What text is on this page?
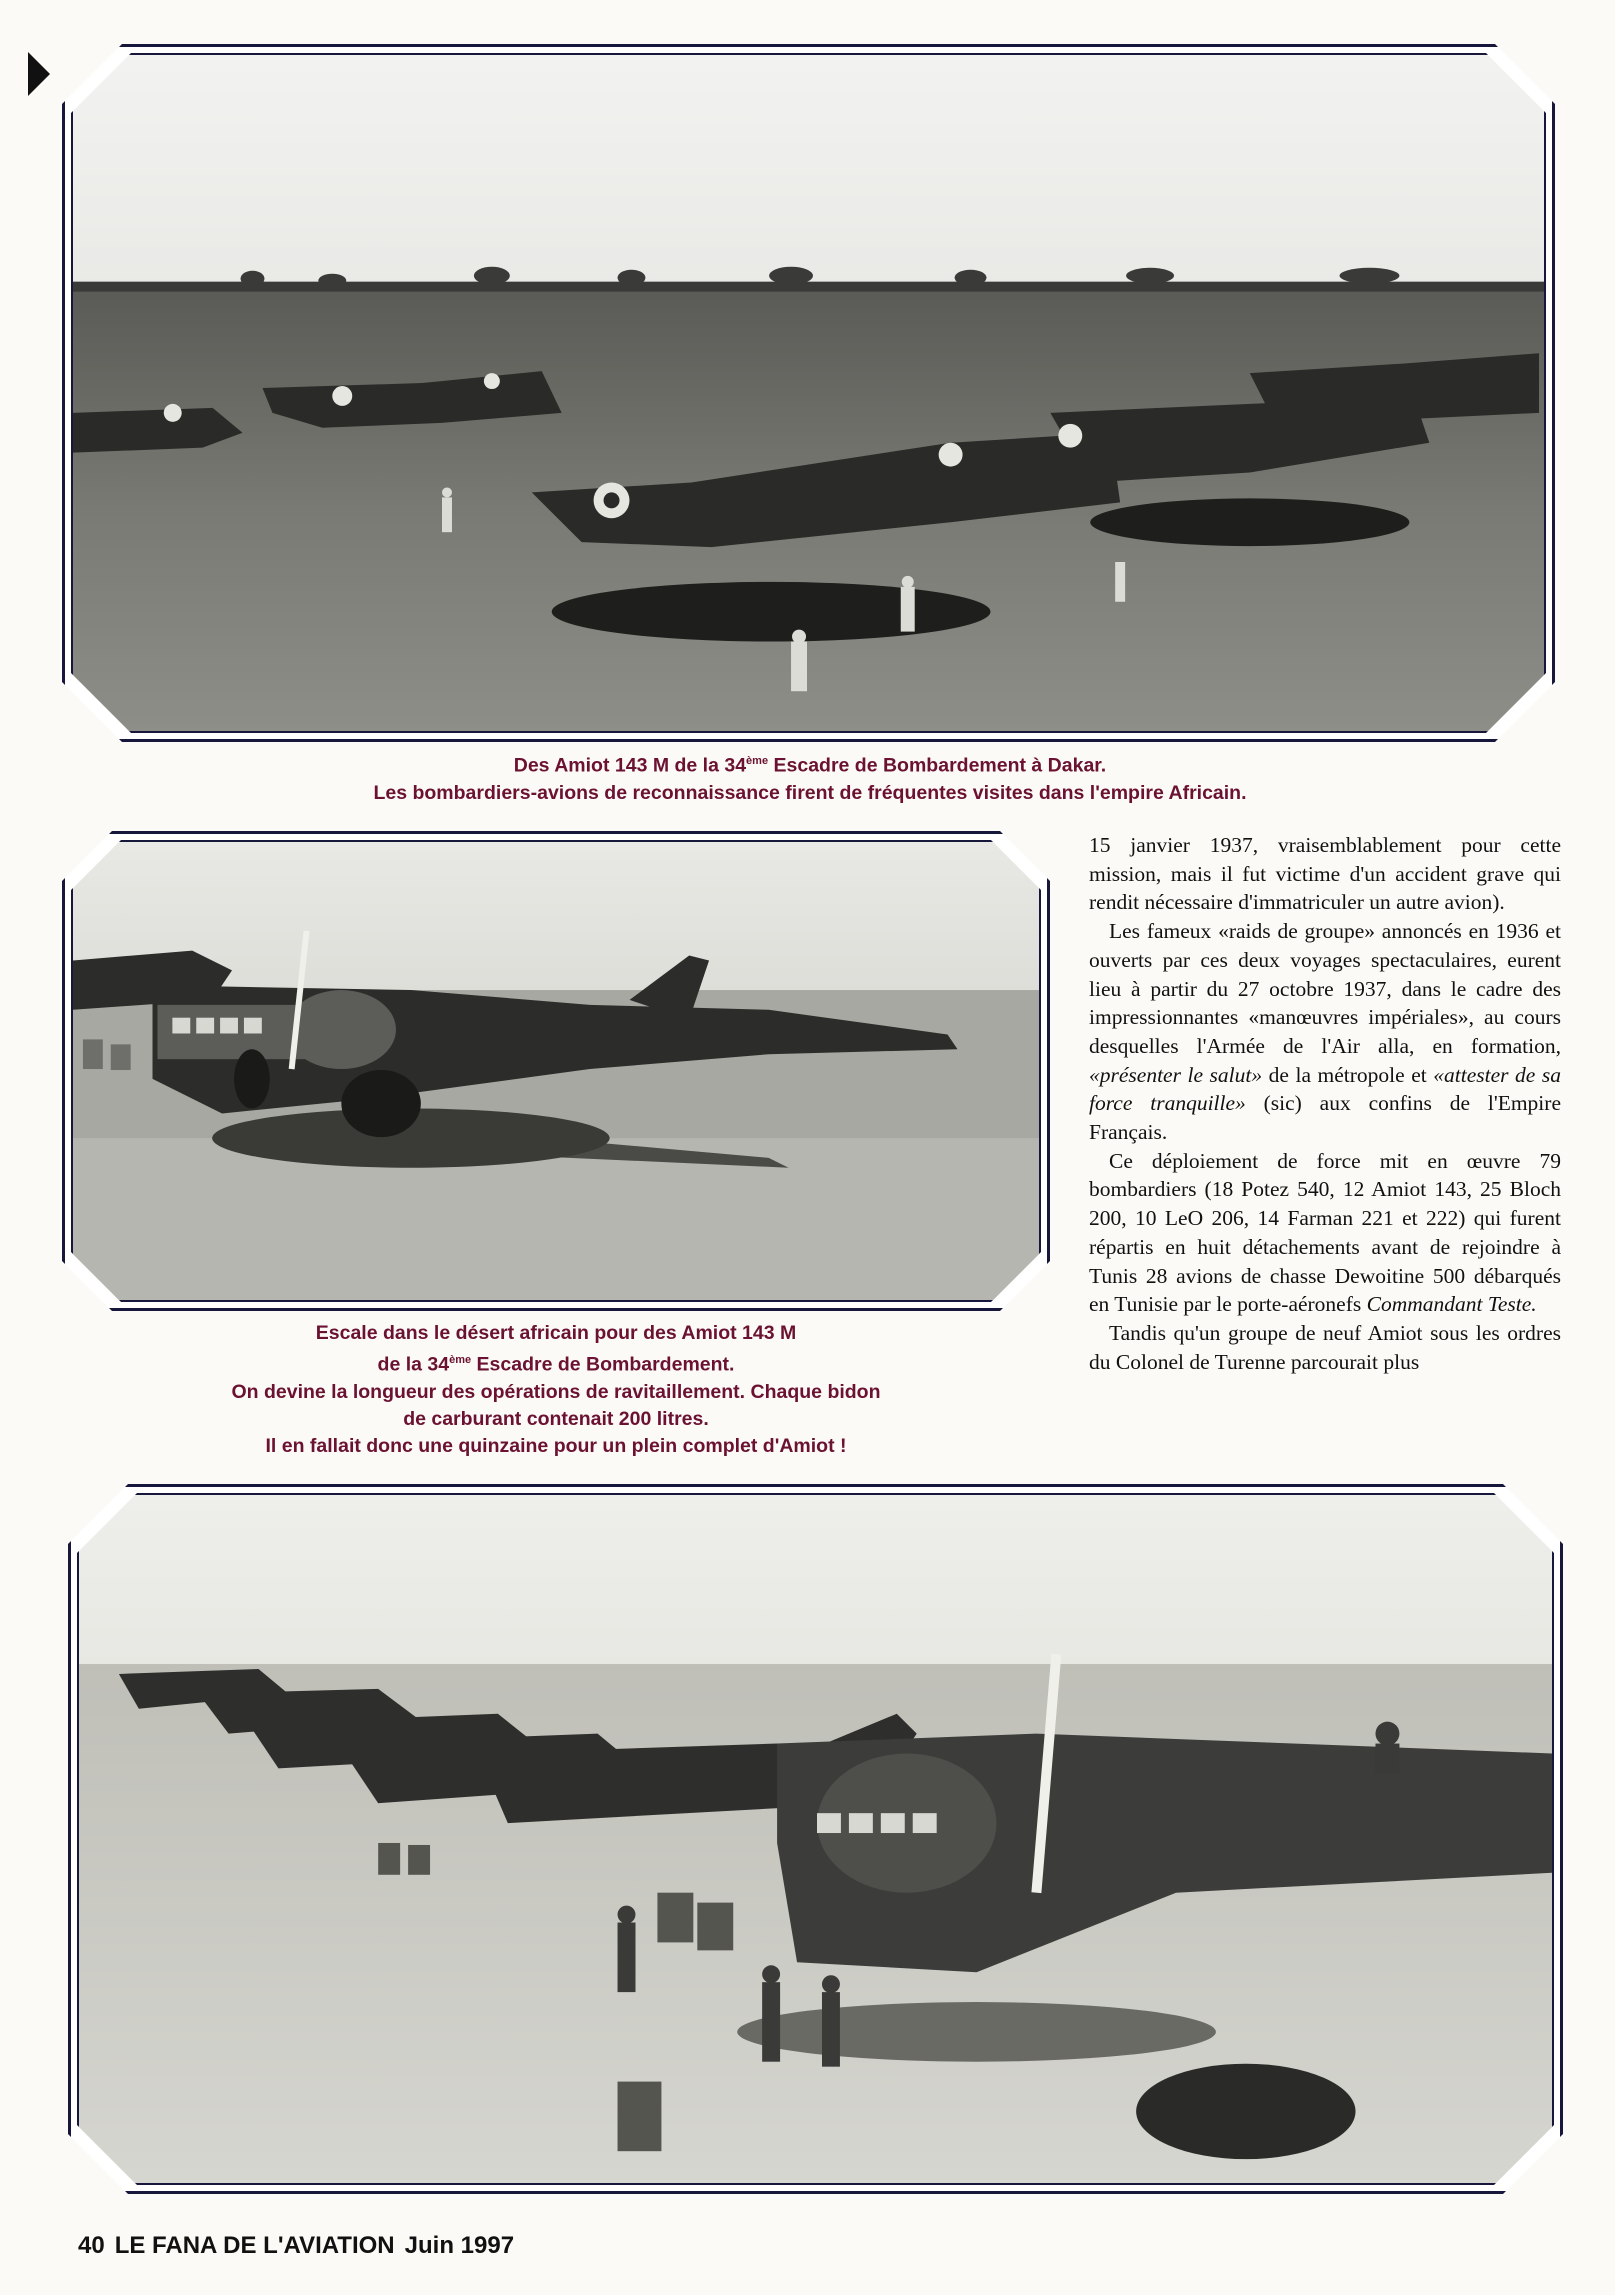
Des Amiot 143 M de la 34ème Escadre de Bombardement à Dakar.
Les bombardiers-avions de reconnaissance firent de fréquentes visites dans l'empire Africain.
Escale dans le désert africain pour des Amiot 143 M
de la 34ème Escadre de Bombardement.
On devine la longueur des opérations de ravitaillement. Chaque bidon
de carburant contenait 200 litres.
Il en fallait donc une quinzaine pour un plein complet d'Amiot !

15 janvier 1937, vraisemblablement pour cette mission, mais il fut victime d'un accident grave qui rendit nécessaire d'immatriculer un autre avion).

Les fameux «raids de groupe» annoncés en 1936 et ouverts par ces deux voyages spectaculaires, eurent lieu à partir du 27 octobre 1937, dans le cadre des impressionnantes «manœuvres impériales», au cours desquelles l'Armée de l'Air alla, en formation, «présenter le salut» de la métropole et «attester de sa force tranquille» (sic) aux confins de l'Empire Français.

Ce déploiement de force mit en œuvre 79 bombardiers (18 Potez 540, 12 Amiot 143, 25 Bloch 200, 10 LeO 206, 14 Farman 221 et 222) qui furent répartis en huit détachements avant de rejoindre à Tunis 28 avions de chasse Dewoitine 500 débarqués en Tunisie par le porte-aéronefs Commandant Teste.

Tandis qu'un groupe de neuf Amiot sous les ordres du Colonel de Turenne parcourait plus

40 LE FANA DE L'AVIATION Juin 1997
